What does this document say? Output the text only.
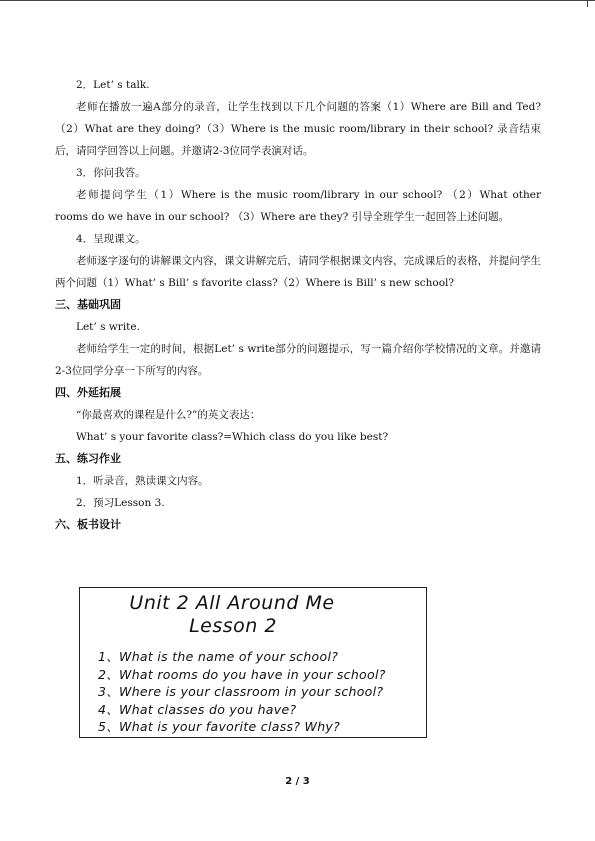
2．Let’ s talk.
老师在播放一遍A部分的录音，让学生找到以下几个问题的答案（1）Where are Bill and Ted? （2）What are they doing?（3）Where is the music room/library in their school? 录音结束后，请同学回答以上问题。并邀请2-3位同学表演对话。
3．你问我答。
老师提问学生（1）Where is the music room/library in our school? （2）What other rooms do we have in our school? （3）Where are they? 引导全班学生一起回答上述问题。
4．呈现课文。
老师逐字逐句的讲解课文内容，课文讲解完后，请同学根据课文内容，完成课后的表格，并提问学生两个问题（1）What’ s Bill’ s favorite class?（2）Where is Bill’ s new school?
三、基础巩固
Let’ s write.
老师给学生一定的时间，根据Let’ s write部分的问题提示，写一篇介绍你学校情况的文章。并邀请2-3位同学分享一下所写的内容。
四、外延拓展
“你最喜欢的课程是什么?”的英文表达：
What’ s your favorite class?=Which class do you like best?
五、练习作业
1．听录音，熟读课文内容。
2．预习Lesson 3.
六、板书设计
Unit 2 All Around Me
Lesson 2
1、What is the name of your school?
2、What rooms do you have in your school?
3、Where is your classroom in your school?
4、What classes do you have?
5、What is your favorite class? Why?
2 / 3
